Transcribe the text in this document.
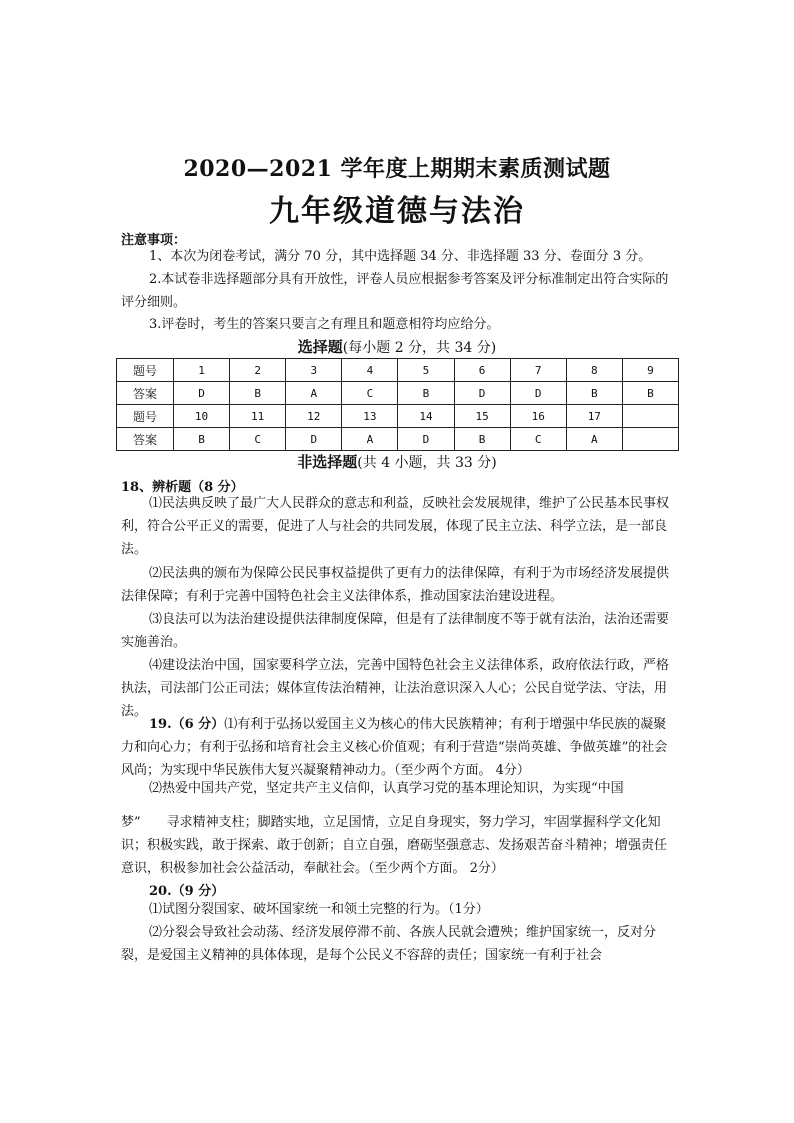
2020—2021 学年度上期期末素质测试题
九年级道德与法治
注意事项：

1、本次为闭卷考试，满分 70 分，其中选择题 34 分、非选择题 33 分、卷面分 3 分。

2.本试卷非选择题部分具有开放性，评卷人员应根据参考答案及评分标准制定出符合实际的评分细则。

3.评卷时，考生的答案只要言之有理且和题意相符均应给分。

选择题(每小题 2 分，共 34 分)
题号	1	2	3	4	5	6	7	8	9
答案	D	B	A	C	B	D	D	B	B
题号	10	11	12	13	14	15	16	17	
答案	B	C	D	A	D	B	C	A	
非选择题(共 4 小题，共 33 分)
18、辨析题（8 分）

⑴民法典反映了最广大人民群众的意志和利益，反映社会发展规律，维护了公民基本民事权利，符合公平正义的需要，促进了人与社会的共同发展，体现了民主立法、科学立法，是一部良法。

⑵民法典的颁布为保障公民民事权益提供了更有力的法律保障，有利于为市场经济发展提供法律保障；有利于完善中国特色社会主义法律体系，推动国家法治建设进程。

⑶良法可以为法治建设提供法律制度保障，但是有了法律制度不等于就有法治，法治还需要实施善治。

⑷建设法治中国，国家要科学立法，完善中国特色社会主义法律体系，政府依法行政，严格执法，司法部门公正司法；媒体宣传法治精神，让法治意识深入人心；公民自觉学法、守法，用法。

19.（6 分）⑴有利于弘扬以爱国主义为核心的伟大民族精神；有利于增强中华民族的凝聚力和向心力；有利于弘扬和培育社会主义核心价值观；有利于营造“崇尚英雄、争做英雄”的社会风尚；为实现中华民族伟大复兴凝聚精神动力。（至少两个方面。 4分）

⑵热爱中国共产党，坚定共产主义信仰，认真学习党的基本理论知识，为实现“中国

梦”　　寻求精神支柱；脚踏实地，立足国情，立足自身现实，努力学习，牢固掌握科学文化知识；积极实践，敢于探索、敢于创新；自立自强，磨砺坚强意志、发扬艰苦奋斗精神；增强责任意识，积极参加社会公益活动，奉献社会。（至少两个方面。 2分）

20.（9 分）

⑴试图分裂国家、破坏国家统一和领土完整的行为。（1分）

⑵分裂会导致社会动荡、经济发展停滞不前、各族人民就会遭殃；维护国家统一，反对分裂，是爱国主义精神的具体体现，是每个公民义不容辞的责任；国家统一有利于社会
